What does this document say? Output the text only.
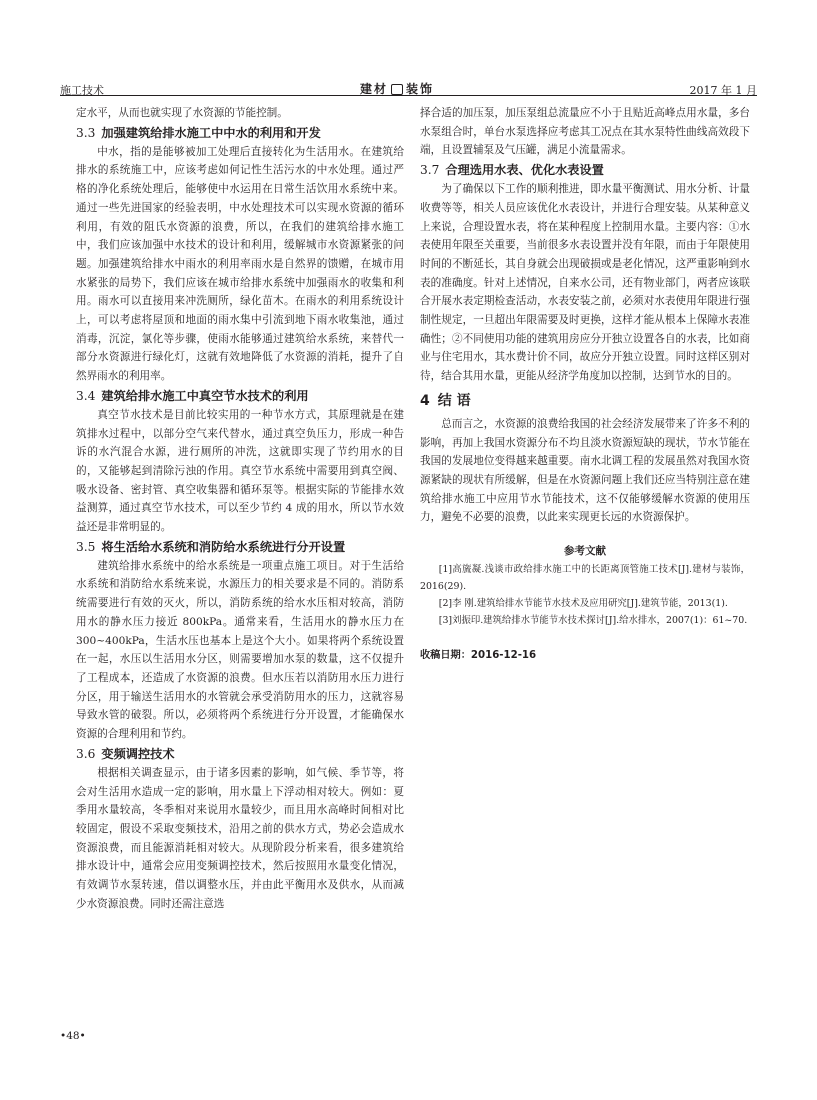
施工技术	建材 装饰	2017 年 1 月

定水平，从而也就实现了水资源的节能控制。

3.3 加强建筑给排水施工中中水的利用和开发

中水，指的是能够被加工处理后直接转化为生活用水。在建筑给排水的系统施工中，应该考虑如何记性生活污水的中水处理。通过严格的净化系统处理后，能够使中水运用在日常生活饮用水系统中来。通过一些先进国家的经验表明，中水处理技术可以实现水资源的循环利用，有效的阻氏水资源的浪费，所以，在我们的建筑给排水施工中，我们应该加强中水技术的设计和利用，缓解城市水资源紧张的问题。加强建筑给排水中雨水的利用率雨水是自然界的馈赠，在城市用水紧张的局势下，我们应该在城市给排水系统中加强雨水的收集和利用。雨水可以直接用来冲洗厕所，绿化苗木。在雨水的利用系统设计上，可以考虑将屋顶和地面的雨水集中引流到地下雨水收集池，通过消毒，沉淀，氯化等步骤，使雨水能够通过建筑给水系统，来替代一部分水资源进行绿化灯，这就有效地降低了水资源的消耗，提升了自然界雨水的利用率。

3.4 建筑给排水施工中真空节水技术的利用

真空节水技术是目前比较实用的一种节水方式，其原理就是在建筑排水过程中，以部分空气来代替水，通过真空负压力，形成一种告诉的水汽混合水源，进行厕所的冲洗，这就即实现了节约用水的目的，又能够起到清除污浊的作用。真空节水系统中需要用到真空阀、吸水设备、密封管、真空收集器和循环泵等。根据实际的节能排水效益测算，通过真空节水技术，可以至少节约 4 成的用水，所以节水效益还是非常明显的。

3.5 将生活给水系统和消防给水系统进行分开设置

建筑给排水系统中的给水系统是一项重点施工项目。对于生活给水系统和消防给水系统来说，水源压力的相关要求是不同的。消防系统需要进行有效的灭火，所以，消防系统的给水水压相对较高，消防用水的静水压力接近 800kPa。通常来看，生活用水的静水压力在 300~400kPa，生活水压也基本上是这个大小。如果将两个系统设置在一起，水压以生活用水分区，则需要增加水泵的数量，这不仅提升了工程成本，还造成了水资源的浪费。但水压若以消防用水压力进行分区，用于输送生活用水的水管就会承受消防用水的压力，这就容易导致水管的破裂。所以，必须将两个系统进行分开设置，才能确保水资源的合理利用和节约。

3.6 变频调控技术

根据相关调查显示，由于诸多因素的影响，如气候、季节等，将会对生活用水造成一定的影响，用水量上下浮动相对较大。例如：夏季用水量较高，冬季相对来说用水量较少，而且用水高峰时间相对比较固定，假设不采取变频技术，沿用之前的供水方式，势必会造成水资源浪费，而且能源消耗相对较大。从现阶段分析来看，很多建筑给排水设计中，通常会应用变频调控技术，然后按照用水量变化情况，有效调节水泵转速，借以调整水压，并由此平衡用水及供水，从而减少水资源浪费。同时还需注意选

择合适的加压泵，加压泵组总流量应不小于且贴近高峰点用水量，多台水泵组合时，单台水泵选择应考虑其工况点在其水泵特性曲线高效段下端，且设置辅泵及气压罐，满足小流量需求。

3.7 合理选用水表、优化水表设置

为了确保以下工作的顺利推进，即水量平衡测试、用水分析、计量收费等等，相关人员应该优化水表设计，并进行合理安装。从某种意义上来说，合理设置水表，将在某种程度上控制用水量。主要内容：①水表使用年限至关重要，当前很多水表设置并没有年限，而由于年限使用时间的不断延长，其自身就会出现破损或是老化情况，这严重影响到水表的准确度。针对上述情况，自来水公司，还有物业部门，两者应该联合开展水表定期检查活动，水表安装之前，必须对水表使用年限进行强制性规定，一旦超出年限需要及时更换，这样才能从根本上保障水表准确性；②不同使用功能的建筑用房应分开独立设置各自的水表，比如商业与住宅用水，其水费计价不同，故应分开独立设置。同时这样区别对待，结合其用水量，更能从经济学角度加以控制，达到节水的目的。

4 结 语

总而言之，水资源的浪费给我国的社会经济发展带来了许多不利的影响，再加上我国水资源分布不均且淡水资源短缺的现状，节水节能在我国的发展地位变得越来越重要。南水北调工程的发展虽然对我国水资源紧缺的现状有所缓解，但是在水资源问题上我们还应当特别注意在建筑给排水施工中应用节水节能技术，这不仅能够缓解水资源的使用压力，避免不必要的浪费，以此来实现更长远的水资源保护。

参考文献

[1]高旒凝.浅谈市政给排水施工中的长距离顶管施工技术[J].建材与装饰，2016(29).

[2]李 刚.建筑给排水节能节水技术及应用研究[J].建筑节能，2013(1).

[3]刘振印.建筑给排水节能节水技术探讨[J].给水排水，2007(1)：61~70.

收稿日期：2016-12-16
•48•
